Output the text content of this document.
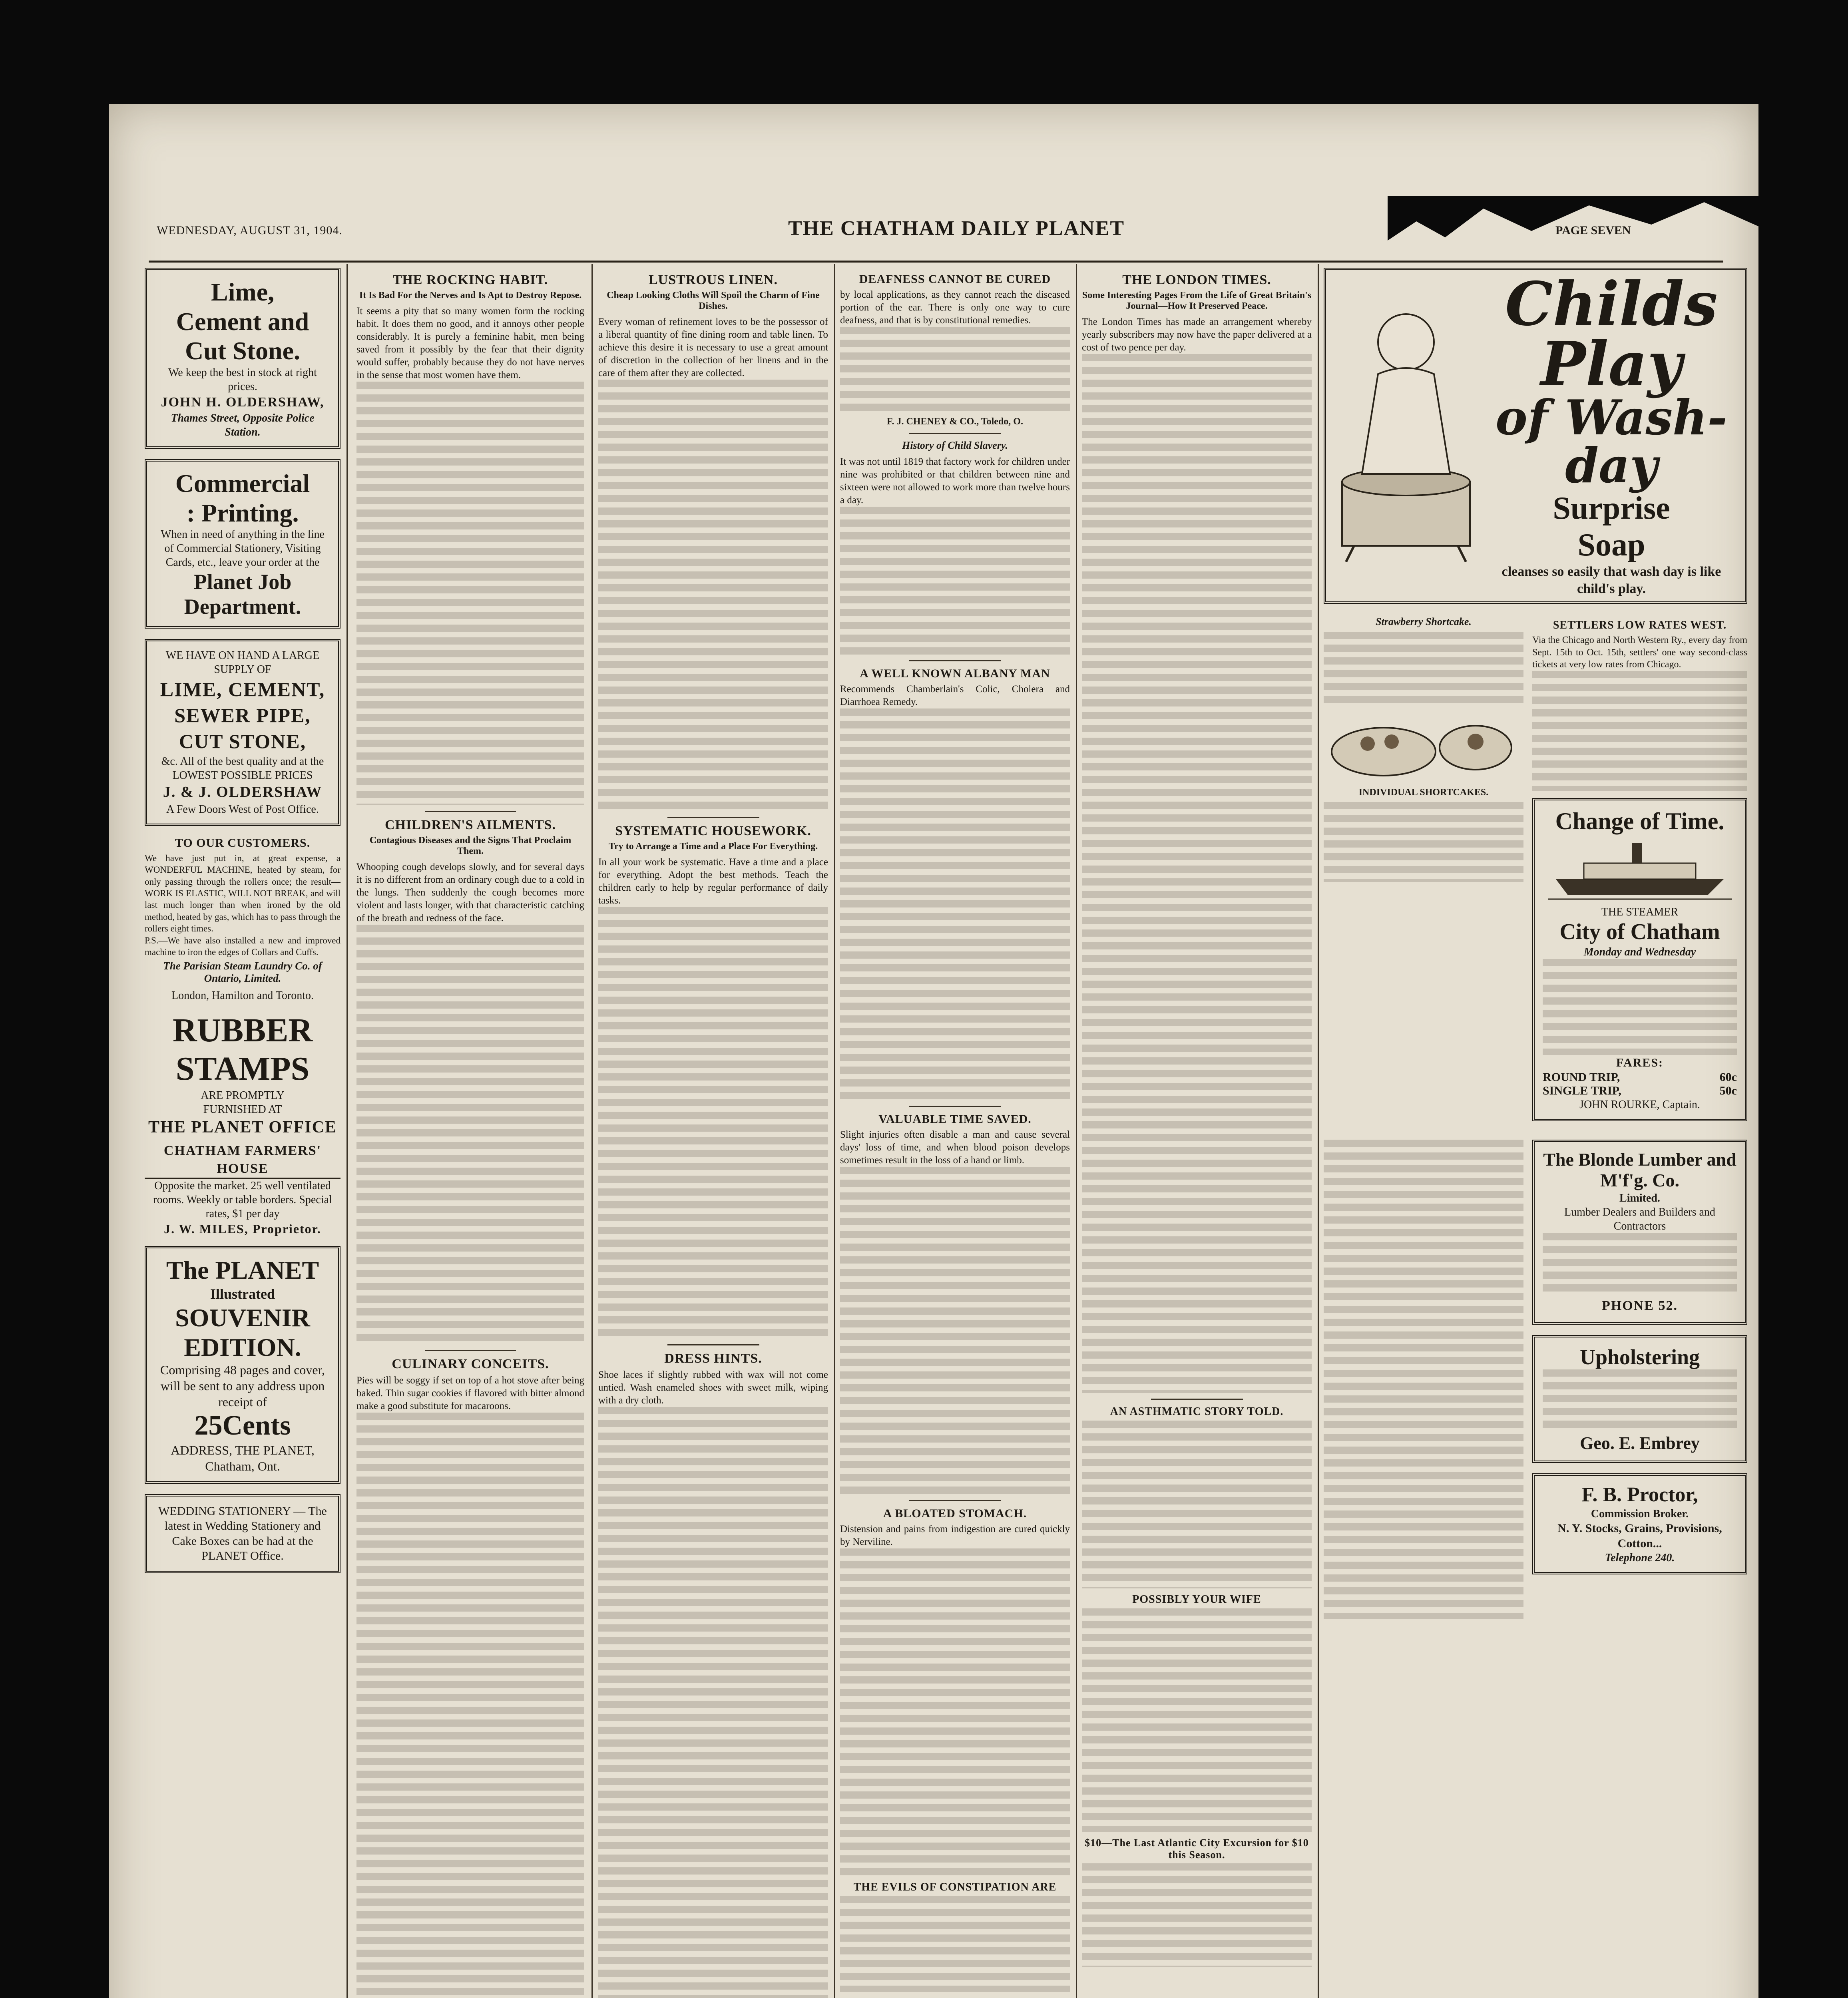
WEDNESDAY, AUGUST 31, 1904.	THE CHATHAM DAILY PLANET	PAGE SEVEN
Lime,
Cement and
Cut Stone.
We keep the best in stock at right prices.
JOHN H. OLDERSHAW,
Thames Street, Opposite Police Station.
Commercial
: Printing.
When in need of anything in the line of Commercial Stationery, Visiting Cards, etc., leave your order at the
Planet Job
Department.
WE HAVE ON HAND A LARGE SUPPLY OF
LIME, CEMENT, SEWER PIPE, CUT STONE,
&c. All of the best quality and at the LOWEST POSSIBLE PRICES
J. & J. OLDERSHAW
A Few Doors West of Post Office.
TO OUR CUSTOMERS.
We have just put in, at great expense, a WONDERFUL MACHINE, heated by steam, for only passing through the rollers once; the result—WORK IS ELASTIC, WILL NOT BREAK, and will last much longer than when ironed by the old method, heated by gas, which has to pass through the rollers eight times.
P.S.—We have also installed a new and improved machine to iron the edges of Collars and Cuffs.
The Parisian Steam Laundry Co. of Ontario, Limited.
London, Hamilton and Toronto.
RUBBER
STAMPS
ARE PROMPTLY
FURNISHED AT
THE PLANET OFFICE
CHATHAM FARMERS' HOUSE
Opposite the market. 25 well ventilated rooms. Weekly or table borders. Special rates, $1 per day
J. W. MILES, Proprietor.
The PLANET
Illustrated
SOUVENIR
EDITION.
Comprising 48 pages and cover, will be sent to any address upon receipt of
25Cents
ADDRESS, THE PLANET, Chatham, Ont.
WEDDING STATIONERY — The latest in Wedding Stationery and Cake Boxes can be had at the PLANET Office.
THE ROCKING HABIT.
It Is Bad For the Nerves and Is Apt to Destroy Repose.
It seems a pity that so many women form the rocking habit. It does them no good, and it annoys other people considerably. It is purely a feminine habit, men being saved from it possibly by the fear that their dignity would suffer, probably because they do not have nerves in the sense that most women have them.
CHILDREN'S AILMENTS.
Contagious Diseases and the Signs That Proclaim Them.
Whooping cough develops slowly, and for several days it is no different from an ordinary cough due to a cold in the lungs. Then suddenly the cough becomes more violent and lasts longer, with that characteristic catching of the breath and redness of the face.
CULINARY CONCEITS.
Pies will be soggy if set on top of a hot stove after being baked. Thin sugar cookies if flavored with bitter almond make a good substitute for macaroons.
LUSTROUS LINEN.
Cheap Looking Cloths Will Spoil the Charm of Fine Dishes.
Every woman of refinement loves to be the possessor of a liberal quantity of fine dining room and table linen. To achieve this desire it is necessary to use a great amount of discretion in the collection of her linens and in the care of them after they are collected.
SYSTEMATIC HOUSEWORK.
Try to Arrange a Time and a Place For Everything.
In all your work be systematic. Have a time and a place for everything. Adopt the best methods. Teach the children early to help by regular performance of daily tasks.
DRESS HINTS.
Shoe laces if slightly rubbed with wax will not come untied. Wash enameled shoes with sweet milk, wiping with a dry cloth.
DEAFNESS CANNOT BE CURED
by local applications, as they cannot reach the diseased portion of the ear. There is only one way to cure deafness, and that is by constitutional remedies.
F. J. CHENEY & CO., Toledo, O.
History of Child Slavery.
It was not until 1819 that factory work for children under nine was prohibited or that children between nine and sixteen were not allowed to work more than twelve hours a day.
A WELL KNOWN ALBANY MAN
Recommends Chamberlain's Colic, Cholera and Diarrhoea Remedy.
VALUABLE TIME SAVED.
Slight injuries often disable a man and cause several days' loss of time, and when blood poison develops sometimes result in the loss of a hand or limb.
A BLOATED STOMACH.
Distension and pains from indigestion are cured quickly by Nerviline.
THE EVILS OF CONSTIPATION ARE
THE LONDON TIMES.
Some Interesting Pages From the Life of Great Britain's Journal—How It Preserved Peace.
The London Times has made an arrangement whereby yearly subscribers may now have the paper delivered at a cost of two pence per day.
AN ASTHMATIC STORY TOLD.
POSSIBLY YOUR WIFE
$10—The Last Atlantic City Excursion for $10 this Season.
Childs Play
of Wash-day
Surprise
Soap
cleanses so easily that wash day is like child's play.
Strawberry Shortcake.
INDIVIDUAL SHORTCAKES.
SETTLERS LOW RATES WEST.
Via the Chicago and North Western Ry., every day from Sept. 15th to Oct. 15th, settlers' one way second-class tickets at very low rates from Chicago.
Change of Time.
THE STEAMER
City of Chatham
Monday and Wednesday
FARES:
ROUND TRIP,	60c
SINGLE TRIP,	50c
JOHN ROURKE, Captain.
The Blonde Lumber and M'f'g. Co.
Limited.
Lumber Dealers and Builders and Contractors
PHONE 52.
Upholstering
Geo. E. Embrey
F. B. Proctor,
Commission Broker.
N. Y. Stocks, Grains, Provisions, Cotton...
Telephone 240.
